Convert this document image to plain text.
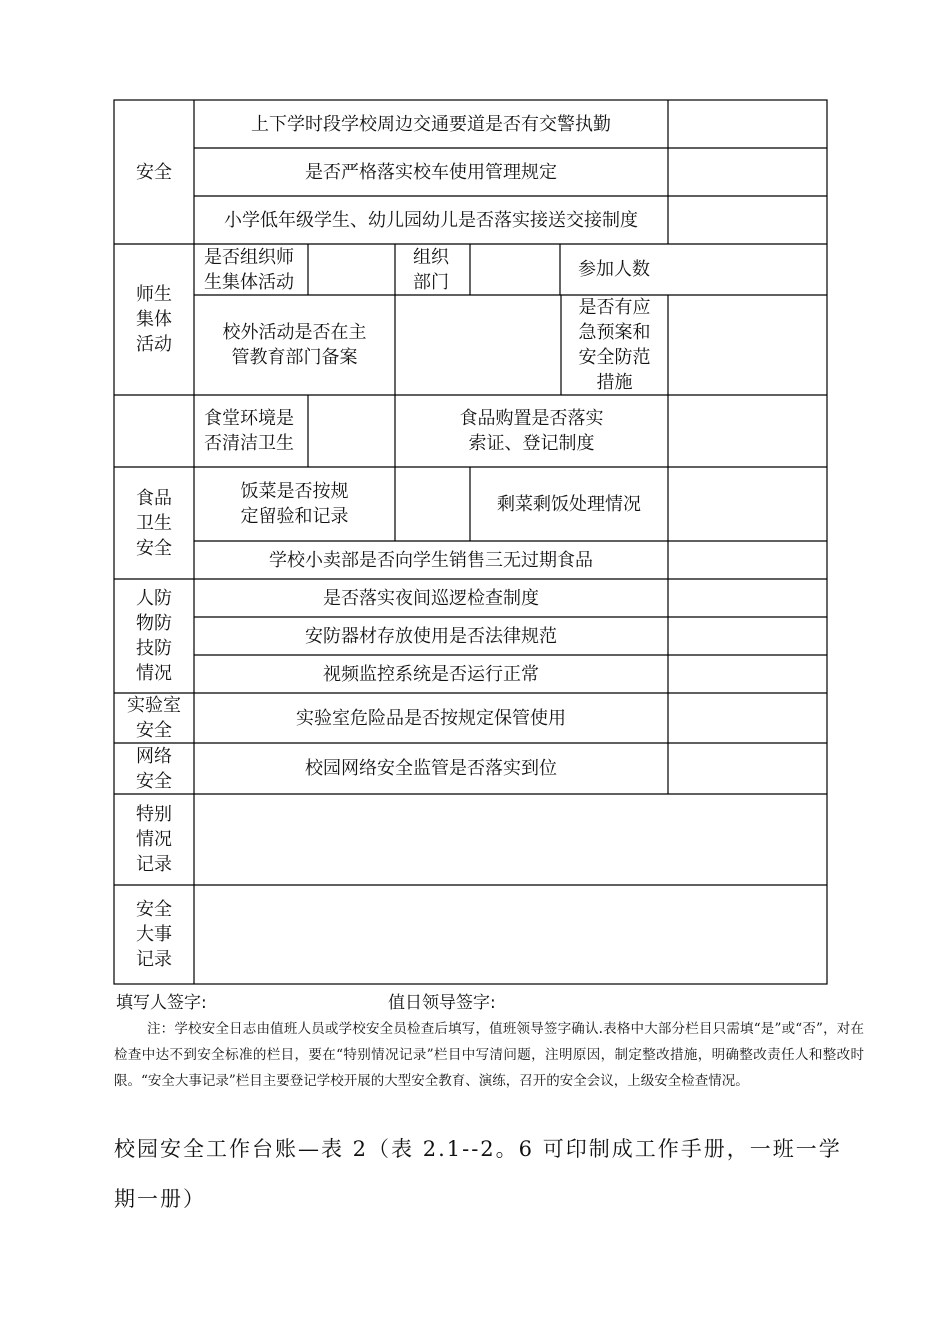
安全
上下学时段学校周边交通要道是否有交警执勤
是否严格落实校车使用管理规定
小学低年级学生、幼儿园幼儿是否落实接送交接制度
师生
集体
活动
是否组织师
生集体活动
组织
部门
参加人数
校外活动是否在主
管教育部门备案
是否有应
急预案和
安全防范
措施
食堂环境是
否清洁卫生
食品购置是否落实
索证、登记制度
食品
卫生
安全
饭菜是否按规
定留验和记录
剩菜剩饭处理情况
学校小卖部是否向学生销售三无过期食品
人防
物防
技防
情况
是否落实夜间巡逻检查制度
安防器材存放使用是否法律规范
视频监控系统是否运行正常
实验室
安全
实验室危险品是否按规定保管使用
网络
安全
校园网络安全监管是否落实到位
特别
情况
记录
安全
大事
记录
填写人签字:	值日领导签字:
注：学校安全日志由值班人员或学校安全员检查后填写，值班领导签字确认.表格中大部分栏目只需填“是”或“否”，对在检查中达不到安全标准的栏目，要在“特别情况记录”栏目中写清问题，注明原因，制定整改措施，明确整改责任人和整改时限。“安全大事记录”栏目主要登记学校开展的大型安全教育、演练，召开的安全会议，上级安全检查情况。
校园安全工作台账—表 2（表 2.1--2。6 可印制成工作手册，一班一学期一册）
